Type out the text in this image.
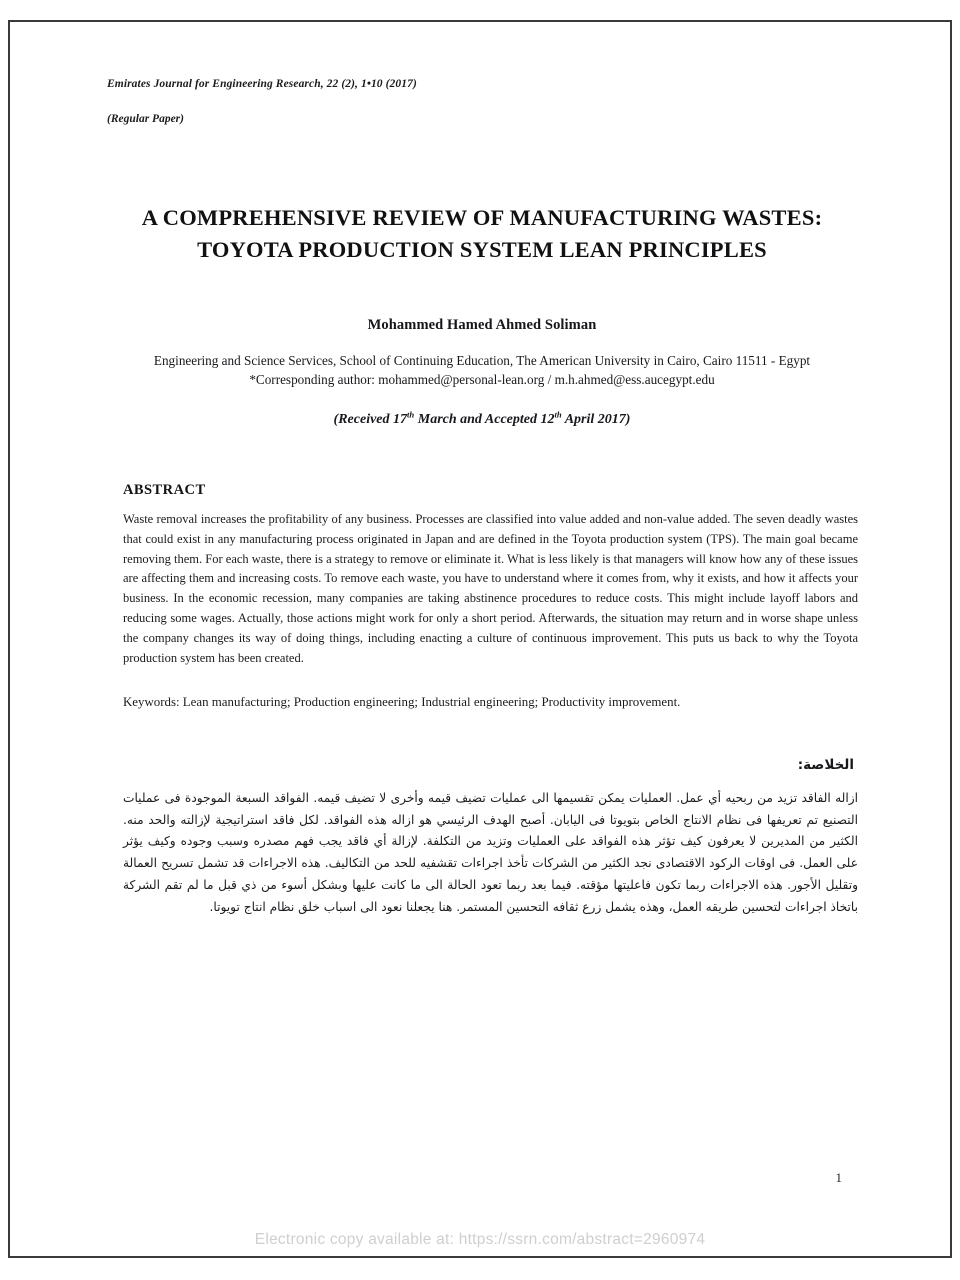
Emirates Journal for Engineering Research, 22 (2), 1•10 (2017)
(Regular Paper)
A COMPREHENSIVE REVIEW OF MANUFACTURING WASTES:
TOYOTA PRODUCTION SYSTEM LEAN PRINCIPLES
Mohammed Hamed Ahmed Soliman
Engineering and Science Services, School of Continuing Education, The American University in Cairo, Cairo 11511 - Egypt
*Corresponding author: mohammed@personal-lean.org / m.h.ahmed@ess.aucegypt.edu
(Received 17th March and Accepted 12th April 2017)
ABSTRACT
Waste removal increases the profitability of any business. Processes are classified into value added and non-value added. The seven deadly wastes that could exist in any manufacturing process originated in Japan and are defined in the Toyota production system (TPS). The main goal became removing them. For each waste, there is a strategy to remove or eliminate it. What is less likely is that managers will know how any of these issues are affecting them and increasing costs. To remove each waste, you have to understand where it comes from, why it exists, and how it affects your business. In the economic recession, many companies are taking abstinence procedures to reduce costs. This might include layoff labors and reducing some wages. Actually, those actions might work for only a short period. Afterwards, the situation may return and in worse shape unless the company changes its way of doing things, including enacting a culture of continuous improvement. This puts us back to why the Toyota production system has been created.
Keywords: Lean manufacturing; Production engineering; Industrial engineering; Productivity improvement.
الخلاصة:

ازاله الفاقد تزيد من ربحيه أي عمل. العمليات يمكن تقسيمها الى عمليات تضيف قيمه وأخرى لا تضيف قيمه. الفواقد السبعة الموجودة فى عمليات التصنيع تم تعريفها فى نظام الانتاج الخاص بتويوتا فى اليابان. أصبح الهدف الرئيسي هو ازاله هذه الفواقد. لكل فاقد استراتيجية لإزالته والحد منه. الكثير من المديرين لا يعرفون كيف تؤثر هذه الفواقد على العمليات وتزيد من التكلفة. لإزالة أي فاقد يجب فهم مصدره وسبب وجوده وكيف يؤثر على العمل. فى اوقات الركود الاقتصادى نجد الكثير من الشركات تأخذ اجراءات تقشفيه للحد من التكاليف. هذه الاجراءات قد تشمل تسريح العمالة وتقليل الأجور. هذه الاجراءات ربما تكون فاعليتها مؤقته. فيما بعد ربما تعود الحالة الى ما كانت عليها وبشكل أسوء من ذي قبل ما لم تقم الشركة باتخاذ اجراءات لتحسين طريقه العمل، وهذه يشمل زرع ثقافه التحسين المستمر. هنا يجعلنا نعود الى اسباب خلق نظام انتاج تويوتا.

1
Electronic copy available at: https://ssrn.com/abstract=2960974
